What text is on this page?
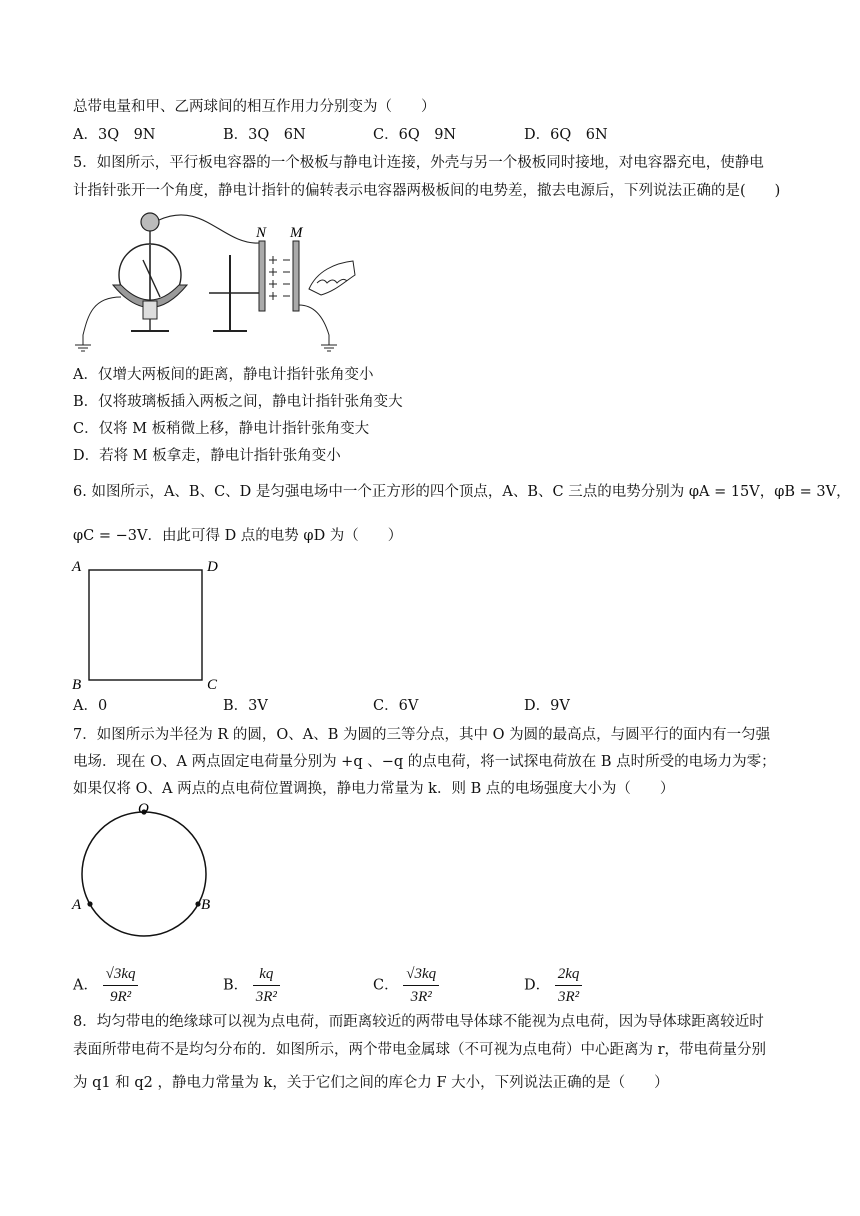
总带电量和甲、乙两球间的相互作用力分别变为（　　）
A．3Q　9N	B．3Q　6N	C．6Q　9N	D．6Q　6N
5．如图所示，平行板电容器的一个极板与静电计连接，外壳与另一个极板同时接地，对电容器充电，使静电
计指针张开一个角度，静电计指针的偏转表示电容器两极板间的电势差，撤去电源后，下列说法正确的是(　　)
N M
A．仅增大两板间的距离，静电计指针张角变小
B．仅将玻璃板插入两板之间，静电计指针张角变大
C．仅将 M 板稍微上移，静电计指针张角变大
D．若将 M 板拿走，静电计指针张角变小
6. 如图所示，A、B、C、D 是匀强电场中一个正方形的四个顶点，A、B、C 三点的电势分别为 φA = 15V，φB = 3V，
φC = −3V．由此可得 D 点的电势 φD 为（　　）
A	D
B	C
A．0	B．3V	C．6V	D．9V
7．如图所示为半径为 R 的圆，O、A、B 为圆的三等分点，其中 O 为圆的最高点，与圆平行的面内有一匀强
电场．现在 O、A 两点固定电荷量分别为 +q 、−q 的点电荷，将一试探电荷放在 B 点时所受的电场力为零；
如果仅将 O、A 两点的点电荷位置调换，静电力常量为 k．则 B 点的电场强度大小为（　　）
O
A	B
A． $\frac{√3kq}{\text{9R²}}$	B． $\frac{kq}{\text{3R²}}$	C． $\frac{√3kq}{\text{3R²}}$	D． $\frac{2kq}{\text{3R²}}$
8．均匀带电的绝缘球可以视为点电荷，而距离较近的两带电导体球不能视为点电荷，因为导体球距离较近时
表面所带电荷不是均匀分布的．如图所示，两个带电金属球（不可视为点电荷）中心距离为 r，带电荷量分别
为 q1 和 q2 ，静电力常量为 k，关于它们之间的库仑力 F 大小，下列说法正确的是（　　）
